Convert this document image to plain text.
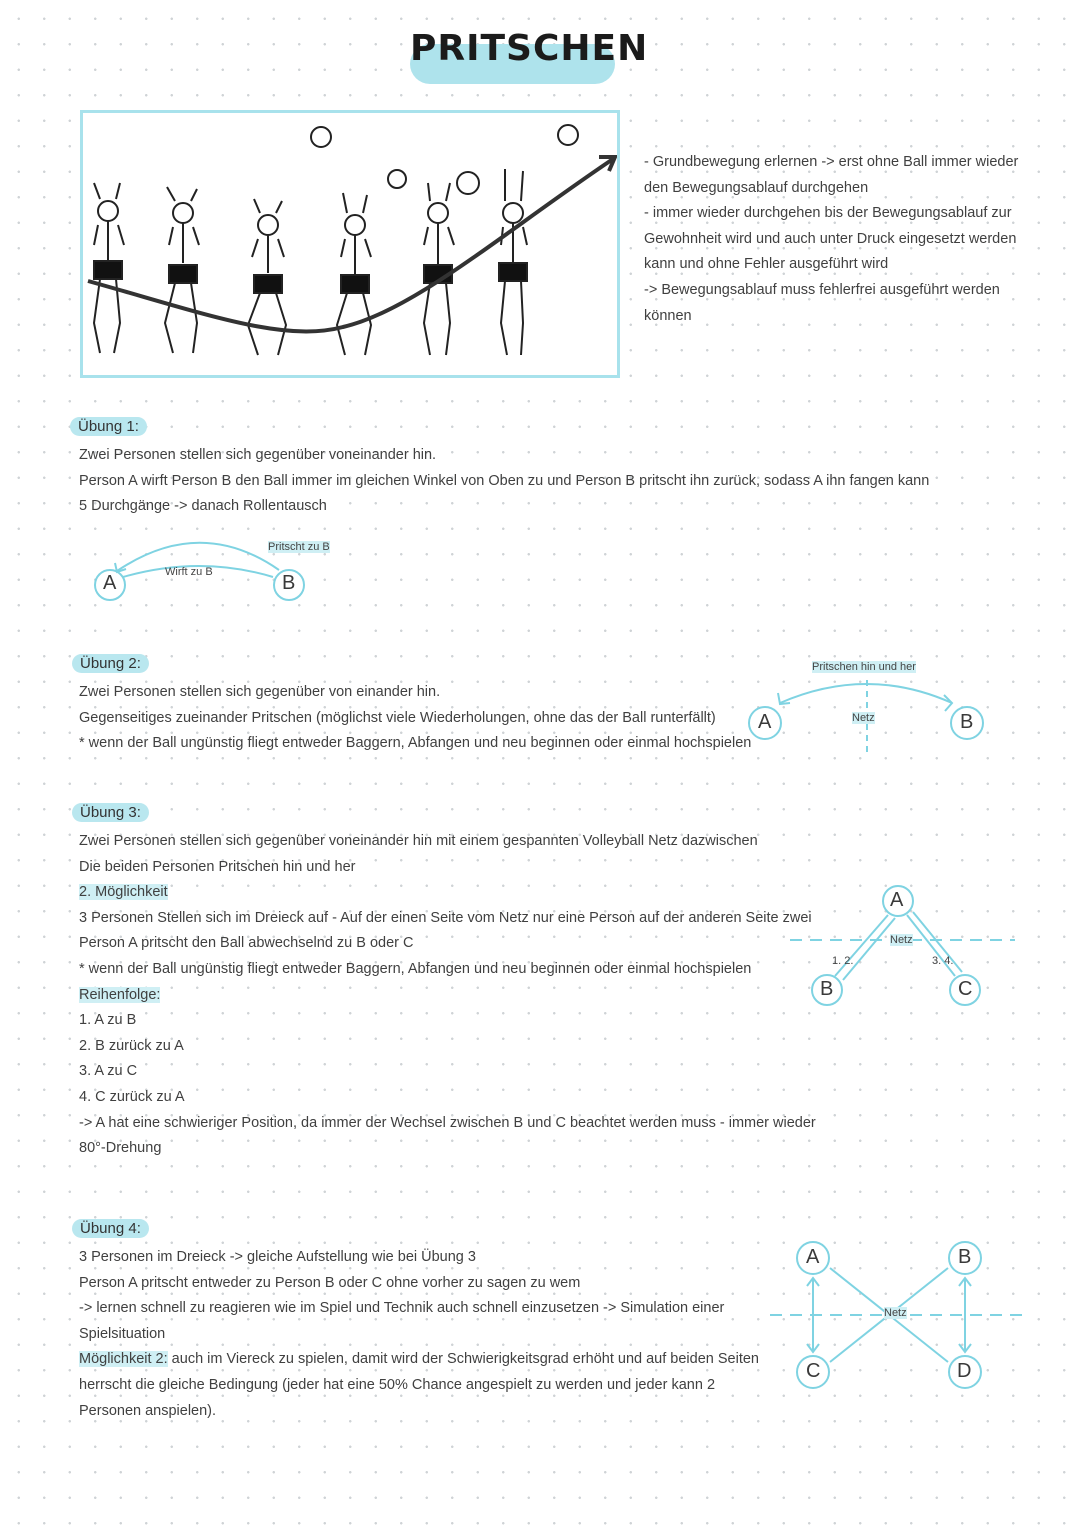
PRITSCHEN
- Grundbewegung erlernen -> erst ohne Ball immer wieder
den Bewegungsablauf durchgehen
- immer wieder durchgehen bis der Bewegungsablauf zur
Gewohnheit wird und auch unter Druck eingesetzt werden
kann und ohne Fehler ausgeführt wird
-> Bewegungsablauf muss fehlerfrei ausgeführt werden
können
Übung 1:
Zwei Personen stellen sich gegenüber voneinander hin.
Person A wirft Person B den Ball immer im gleichen Winkel von Oben zu und Person B pritscht ihn zurück, sodass A ihn fangen kann
5 Durchgänge -> danach Rollentausch
A	B
Wirft zu B
Pritscht zu B
Übung 2:
Zwei Personen stellen sich gegenüber von einander hin.
Gegenseitiges zueinander Pritschen (möglichst viele Wiederholungen, ohne das der Ball runterfällt)
* wenn der Ball ungünstig fliegt entweder Baggern, Abfangen und neu beginnen oder einmal hochspielen
A	B
Pritschen hin und her
Netz
Übung 3:
Zwei Personen stellen sich gegenüber voneinander hin mit einem gespannten Volleyball Netz dazwischen
Die beiden Personen Pritschen hin und her
2. Möglichkeit
3 Personen Stellen sich im Dreieck auf - Auf der einen Seite vom Netz nur eine Person auf der anderen Seite zwei
Person A pritscht den Ball abwechselnd zu B oder C
* wenn der Ball ungünstig fliegt entweder Baggern, Abfangen und neu beginnen oder einmal hochspielen
Reihenfolge:
1. A zu B
2. B zurück zu A
3. A zu C
4. C zurück zu A
-> A hat eine schwieriger Position, da immer der Wechsel zwischen B und C beachtet werden muss - immer wieder
80°-Drehung
A
B	C
Netz
1. 2.	3. 4.
Übung 4:
3 Personen im Dreieck -> gleiche Aufstellung wie bei Übung 3
Person A pritscht entweder zu Person B oder C ohne vorher zu sagen zu wem
-> lernen schnell zu reagieren wie im Spiel und Technik auch schnell einzusetzen -> Simulation einer
Spielsituation
Möglichkeit 2: auch im Viereck zu spielen, damit wird der Schwierigkeitsgrad erhöht und auf beiden Seiten
herrscht die gleiche Bedingung (jeder hat eine 50% Chance angespielt zu werden und jeder kann 2
Personen anspielen).
A	B
C	D
Netz
